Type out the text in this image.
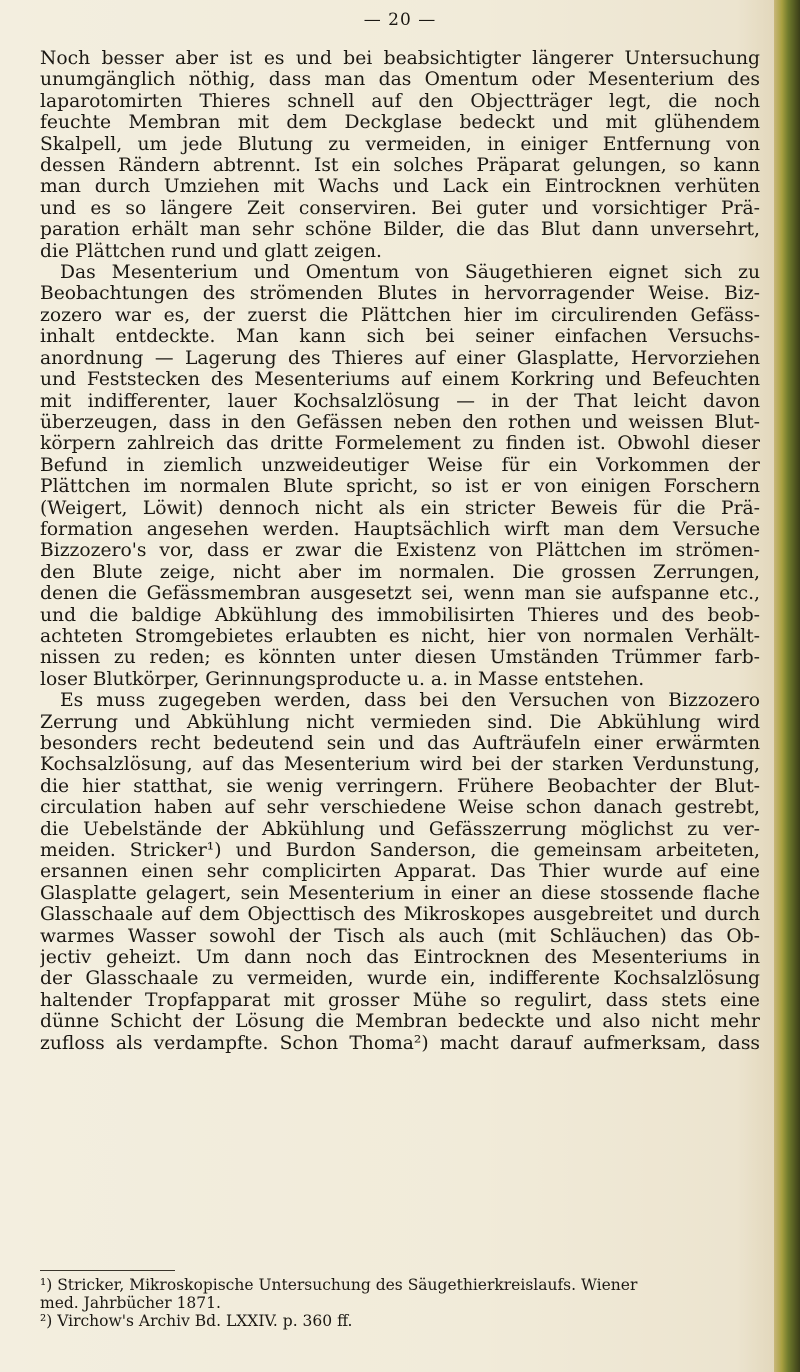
— 20 —

Noch besser aber ist es und bei beabsichtigter längerer Untersuchung
unumgänglich nöthig, dass man das Omentum oder Mesenterium des
laparotomirten Thieres schnell auf den Objectträger legt, die noch
feuchte Membran mit dem Deckglase bedeckt und mit glühendem
Skalpell, um jede Blutung zu vermeiden, in einiger Entfernung von
dessen Rändern abtrennt. Ist ein solches Präparat gelungen, so kann
man durch Umziehen mit Wachs und Lack ein Eintrocknen verhüten
und es so längere Zeit conserviren. Bei guter und vorsichtiger Prä-
paration erhält man sehr schöne Bilder, die das Blut dann unversehrt,
die Plättchen rund und glatt zeigen.

Das Mesenterium und Omentum von Säugethieren eignet sich zu
Beobachtungen des strömenden Blutes in hervorragender Weise. Biz-
zozero war es, der zuerst die Plättchen hier im circulirenden Gefäss-
inhalt entdeckte. Man kann sich bei seiner einfachen Versuchs-
anordnung — Lagerung des Thieres auf einer Glasplatte, Hervorziehen
und Feststecken des Mesenteriums auf einem Korkring und Befeuchten
mit indifferenter, lauer Kochsalzlösung — in der That leicht davon
überzeugen, dass in den Gefässen neben den rothen und weissen Blut-
körpern zahlreich das dritte Formelement zu finden ist. Obwohl dieser
Befund in ziemlich unzweideutiger Weise für ein Vorkommen der
Plättchen im normalen Blute spricht, so ist er von einigen Forschern
(Weigert, Löwit) dennoch nicht als ein stricter Beweis für die Prä-
formation angesehen werden. Hauptsächlich wirft man dem Versuche
Bizzozero's vor, dass er zwar die Existenz von Plättchen im strömen-
den Blute zeige, nicht aber im normalen. Die grossen Zerrungen,
denen die Gefässmembran ausgesetzt sei, wenn man sie aufspanne etc.,
und die baldige Abkühlung des immobilisirten Thieres und des beob-
achteten Stromgebietes erlaubten es nicht, hier von normalen Verhält-
nissen zu reden; es könnten unter diesen Umständen Trümmer farb-
loser Blutkörper, Gerinnungsproducte u. a. in Masse entstehen.

Es muss zugegeben werden, dass bei den Versuchen von Bizzozero
Zerrung und Abkühlung nicht vermieden sind. Die Abkühlung wird
besonders recht bedeutend sein und das Aufträufeln einer erwärmten
Kochsalzlösung, auf das Mesenterium wird bei der starken Verdunstung,
die hier statthat, sie wenig verringern. Frühere Beobachter der Blut-
circulation haben auf sehr verschiedene Weise schon danach gestrebt,
die Uebelstände der Abkühlung und Gefässzerrung möglichst zu ver-
meiden. Stricker¹) und Burdon Sanderson, die gemeinsam arbeiteten,
ersannen einen sehr complicirten Apparat. Das Thier wurde auf eine
Glasplatte gelagert, sein Mesenterium in einer an diese stossende flache
Glasschaale auf dem Objecttisch des Mikroskopes ausgebreitet und durch
warmes Wasser sowohl der Tisch als auch (mit Schläuchen) das Ob-
jectiv geheizt. Um dann noch das Eintrocknen des Mesenteriums in
der Glasschaale zu vermeiden, wurde ein, indifferente Kochsalzlösung
haltender Tropfapparat mit grosser Mühe so regulirt, dass stets eine
dünne Schicht der Lösung die Membran bedeckte und also nicht mehr
zufloss als verdampfte. Schon Thoma²) macht darauf aufmerksam, dass

¹) Stricker, Mikroskopische Untersuchung des Säugethierkreislaufs. Wiener
med. Jahrbücher 1871.
²) Virchow's Archiv Bd. LXXIV. p. 360 ff.
